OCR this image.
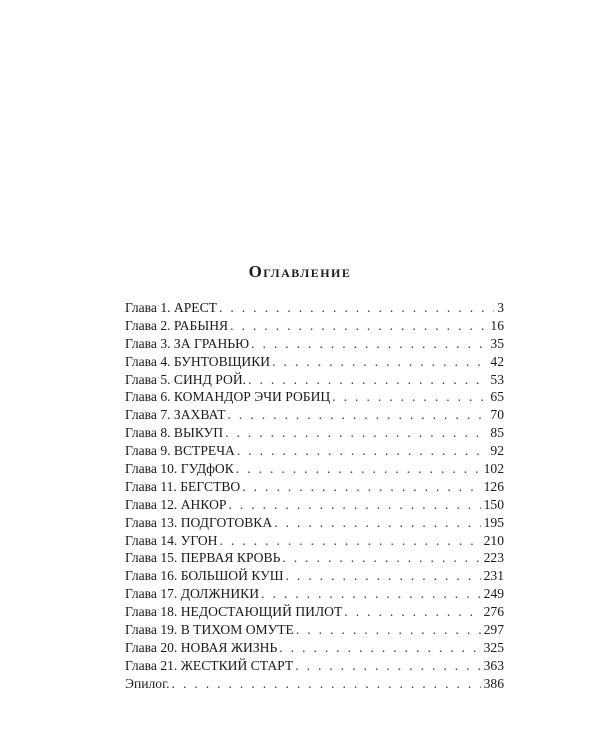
Оглавление
Глава 1. АРЕСТ . . .	3
Глава 2. РАБЫНЯ . . .	16
Глава 3. ЗА ГРАНЬЮ . . .	35
Глава 4. БУНТОВЩИКИ . . .	42
Глава 5. СИНД РОЙ. . . .	53
Глава 6. КОМАНДОР ЭЧИ РОБИЦ . . .	65
Глава 7. ЗАХВАТ . . .	70
Глава 8. ВЫКУП . . .	85
Глава 9. ВСТРЕЧА . . .	92
Глава 10. ГУДфОК . . .	102
Глава 11. БЕГСТВО . . .	126
Глава 12. АНКОР . . .	150
Глава 13. ПОДГОТОВКА . . .	195
Глава 14. УГОН . . .	210
Глава 15. ПЕРВАЯ КРОВЬ . . .	223
Глава 16. БОЛЬШОЙ КУШ . . .	231
Глава 17. ДОЛЖНИКИ . . .	249
Глава 18. НЕДОСТАЮЩИЙ ПИЛОТ . . .	276
Глава 19. В ТИХОМ ОМУТЕ . . .	297
Глава 20. НОВАЯ ЖИЗНЬ . . .	325
Глава 21. ЖЕСТКИЙ СТАРТ . . .	363
Эпилог. . . .	386
